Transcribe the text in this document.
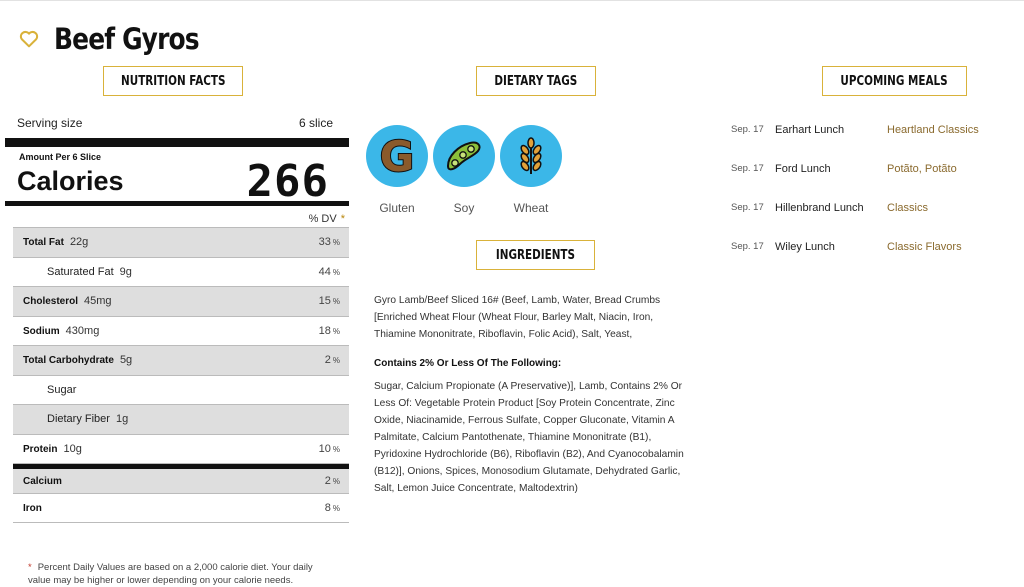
Beef Gyros
NUTRITION FACTS	DIETARY TAGS	UPCOMING MEALS
INGREDIENTS
Serving size	6 slice
Amount Per 6 Slice
Calories	266
% DV *
Total Fat 22g	33 %
Saturated Fat 9g	44 %
Cholesterol 45mg	15 %
Sodium 430mg	18 %
Total Carbohydrate 5g	2 %
Sugar
Dietary Fiber 1g
Protein 10g	10 %
Calcium	2 %
Iron	8 %
* Percent Daily Values are based on a 2,000 calorie diet. Your daily value may be higher or lower depending on your calorie needs.
G
Gluten	Soy	Wheat

Gyro Lamb/Beef Sliced 16# (Beef, Lamb, Water, Bread Crumbs [Enriched Wheat Flour (Wheat Flour, Barley Malt, Niacin, Iron, Thiamine Mononitrate, Riboflavin, Folic Acid), Salt, Yeast,

Contains 2% Or Less Of The Following:

Sugar, Calcium Propionate (A Preservative)], Lamb, Contains 2% Or Less Of: Vegetable Protein Product [Soy Protein Concentrate, Zinc Oxide, Niacinamide, Ferrous Sulfate, Copper Gluconate, Vitamin A Palmitate, Calcium Pantothenate, Thiamine Mononitrate (B1), Pyridoxine Hydrochloride (B6), Riboflavin (B2), And Cyanocobalamin (B12)], Onions, Spices, Monosodium Glutamate, Dehydrated Garlic, Salt, Lemon Juice Concentrate, Maltodextrin)

Sep. 17	Earhart Lunch	Heartland Classics
Sep. 17	Ford Lunch	Potãto, Potãto
Sep. 17	Hillenbrand Lunch	Classics
Sep. 17	Wiley Lunch	Classic Flavors
